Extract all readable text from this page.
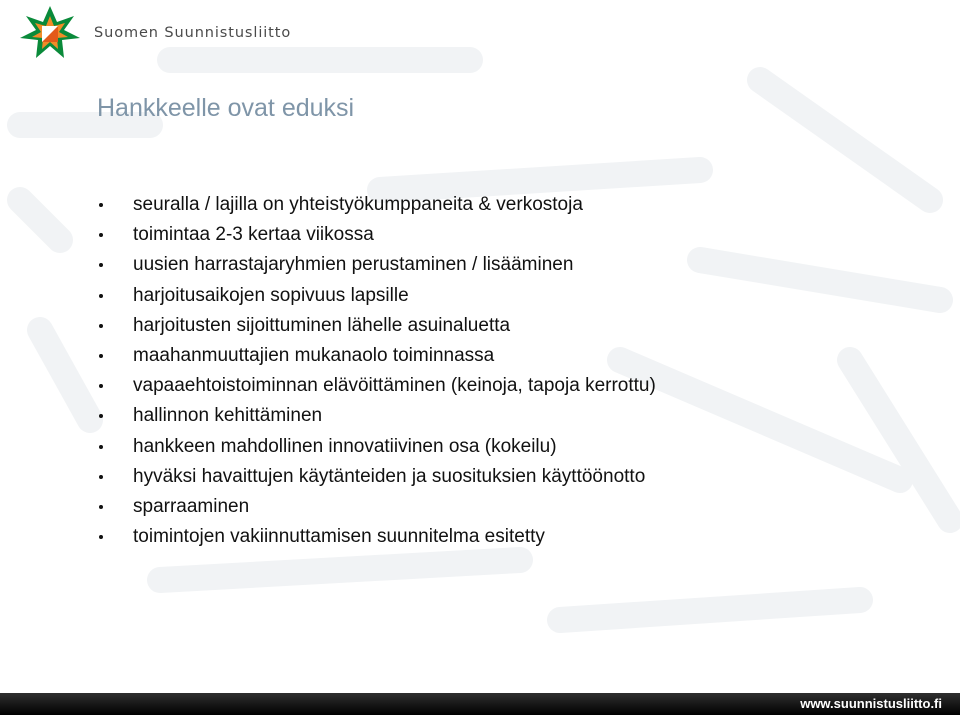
Suomen Suunnistusliitto
Hankkeelle ovat eduksi
seuralla / lajilla on yhteistyökumppaneita & verkostoja
toimintaa 2-3 kertaa viikossa
uusien harrastajaryhmien perustaminen / lisääminen
harjoitusaikojen sopivuus lapsille
harjoitusten sijoittuminen lähelle asuinaluetta
maahanmuuttajien mukanaolo toiminnassa
vapaaehtoistoiminnan elävöittäminen (keinoja, tapoja kerrottu)
hallinnon kehittäminen
hankkeen mahdollinen innovatiivinen osa (kokeilu)
hyväksi havaittujen käytänteiden ja suosituksien käyttöönotto
sparraaminen
toimintojen vakiinnuttamisen suunnitelma esitetty
www.suunnistusliitto.fi
